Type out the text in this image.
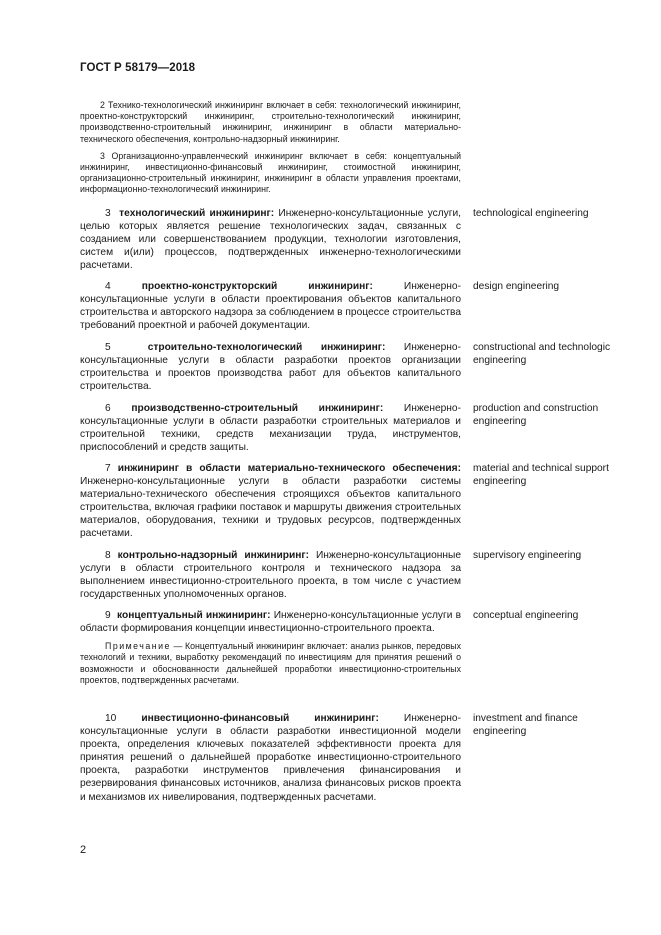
ГОСТ Р 58179—2018

2 Технико-технологический инжиниринг включает в себя: технологический инжиниринг, проектно-конструкторский инжиниринг, строительно-технологический инжиниринг, производственно-строительный инжиниринг, инжиниринг в области материально-технического обеспечения, контрольно-надзорный инжиниринг.

3 Организационно-управленческий инжиниринг включает в себя: концептуальный инжиниринг, инвестиционно-финансовый инжиниринг, стоимостной инжиниринг, организационно-строительный инжиниринг, инжиниринг в области управления проектами, информационно-технологический инжиниринг.

3 технологический инжиниринг: Инженерно-консультационные услуги, целью которых является решение технологических задач, связанных с созданием или совершенствованием продукции, технологии изготовления, систем и(или) процессов, подтвержденных инженерно-технологическими расчетами.

technological engineering

4	проектно-конструкторский инжиниринг: Инженерно-консультационные услуги в области проектирования объектов капитального строительства и авторского надзора за соблюдением в процессе строительства требований проектной и рабочей документации.

design engineering

5	строительно-технологический инжиниринг: Инженерно-консультационные услуги в области разработки проектов организации строительства и проектов производства работ для объектов капитального строительства.

constructional and technologic engineering

6 производственно-строительный инжиниринг: Инженерно-консультационные услуги в области разработки строительных материалов и строительной техники, средств механизации труда, инструментов, приспособлений и средств защиты.

production and construction engineering

7 инжиниринг в области материально-технического обеспечения: Инженерно-консультационные услуги в области разработки системы материально-технического обеспечения строящихся объектов капитального строительства, включая графики поставок и маршруты движения строительных материалов, оборудования, техники и трудовых ресурсов, подтвержденных расчетами.

material and technical support engineering

8 контрольно-надзорный инжиниринг: Инженерно-консультационные услуги в области строительного контроля и технического надзора за выполнением инвестиционно-строительного проекта, в том числе с участием государственных уполномоченных органов.

supervisory engineering

9 концептуальный инжиниринг: Инженерно-консультационные услуги в области формирования концепции инвестиционно-строительного проекта.

Примечание — Концептуальный инжиниринг включает: анализ рынков, передовых технологий и техники, выработку рекомендаций по инвестициям для принятия решений о возможности и обоснованности дальнейшей проработки инвестиционно-строительных проектов, подтвержденных расчетами.

conceptual engineering

10 инвестиционно-финансовый инжиниринг: Инженерно-консультационные услуги в области разработки инвестиционной модели проекта, определения ключевых показателей эффективности проекта для принятия решений о дальнейшей проработке инвестиционно-строительного проекта, разработки инструментов привлечения финансирования и резервирования финансовых источников, анализа финансовых рисков проекта и механизмов их нивелирования, подтвержденных расчетами.

investment and finance engineering
2
